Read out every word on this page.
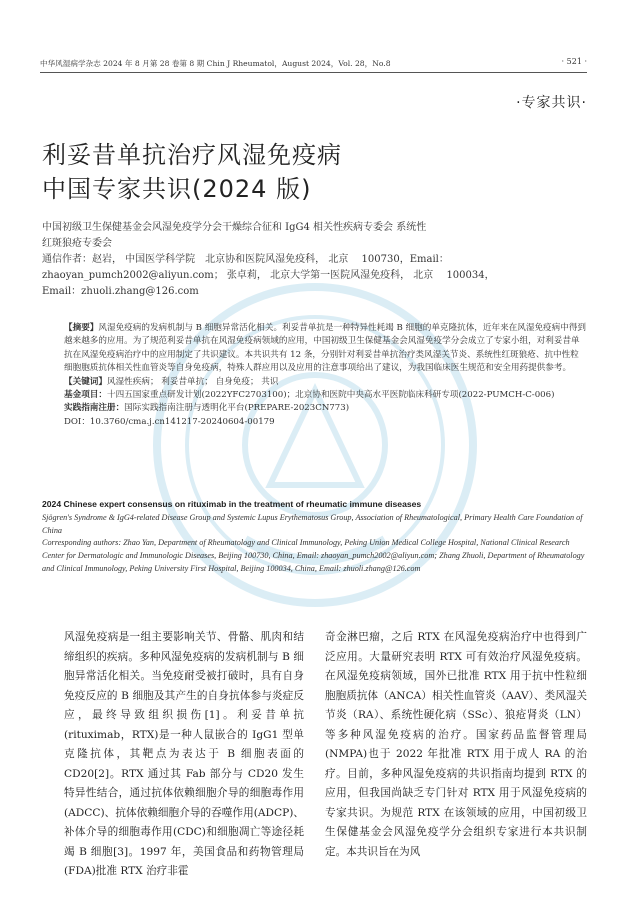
中华风湿病学杂志 2024 年 8 月第 28 卷第 8 期 Chin J Rheumatol，August 2024，Vol. 28，No.8	· 521 ·
·专家共识·
利妥昔单抗治疗风湿免疫病
中国专家共识(2024 版)

中国初级卫生保健基金会风湿免疫学分会干燥综合征和 IgG4 相关性疾病专委会 系统性

红斑狼疮专委会

通信作者：赵岩， 中国医学科学院　北京协和医院风湿免疫科， 北京　 100730，Email：

zhaoyan_pumch2002@aliyun.com； 张卓莉， 北京大学第一医院风湿免疫科， 北京　 100034，

Email：zhuoli.zhang@126.com

【摘要】风湿免疫病的发病机制与 B 细胞异常活化相关。利妥昔单抗是一种特异性耗竭 B 细胞的单克隆抗体，近年来在风湿免疫病中得到越来越多的应用。为了规范利妥昔单抗在风湿免疫病领域的应用，中国初级卫生保健基金会风湿免疫学分会成立了专家小组，对利妥昔单抗在风湿免疫病治疗中的应用制定了共识建议。本共识共有 12 条，分别针对利妥昔单抗治疗类风湿关节炎、系统性红斑狼疮、抗中性粒细胞胞质抗体相关性血管炎等自身免疫病，特殊人群应用以及应用的注意事项给出了建议，为我国临床医生规范和安全用药提供参考。

【关键词】风湿性疾病； 利妥昔单抗； 自身免疫； 共识

基金项目：十四五国家重点研发计划(2022YFC2703100)；北京协和医院中央高水平医院临床科研专项(2022-PUMCH-C-006)

实践指南注册：国际实践指南注册与透明化平台(PREPARE-2023CN773)

DOI：10.3760/cma.j.cn141217-20240604-00179

2024 Chinese expert consensus on rituximab in the treatment of rheumatic immune diseases

Sjögren's Syndrome & IgG4-related Disease Group and Systemic Lupus Erythematosus Group, Association of Rheumatological, Primary Health Care Foundation of China

Corresponding authors: Zhao Yan, Department of Rheumatology and Clinical Immunology, Peking Union Medical College Hospital, National Clinical Research Center for Dermatologic and Immunologic Diseases, Beijing 100730, China, Email: zhaoyan_pumch2002@aliyun.com; Zhang Zhuoli, Department of Rheumatology and Clinical Immunology, Peking University First Hospital, Beijing 100034, China, Email: zhuoli.zhang@126.com

风湿免疫病是一组主要影响关节、骨骼、肌肉和结缔组织的疾病。多种风湿免疫病的发病机制与 B 细胞异常活化相关。当免疫耐受被打破时，具有自身免疫反应的 B 细胞及其产生的自身抗体参与炎症反应，最终导致组织损伤[1]。利妥昔单抗(rituximab，RTX)是一种人鼠嵌合的 IgG1 型单克隆抗体，其靶点为表达于 B 细胞表面的 CD20[2]。RTX 通过其 Fab 部分与 CD20 发生特异性结合，通过抗体依赖细胞介导的细胞毒作用(ADCC)、抗体依赖细胞介导的吞噬作用(ADCP)、补体介导的细胞毒作用(CDC)和细胞凋亡等途径耗竭 B 细胞[3]。1997 年，美国食品和药物管理局(FDA)批准 RTX 治疗非霍

奇金淋巴瘤，之后 RTX 在风湿免疫病治疗中也得到广泛应用。大量研究表明 RTX 可有效治疗风湿免疫病。在风湿免疫病领域，国外已批准 RTX 用于抗中性粒细胞胞质抗体（ANCA）相关性血管炎（AAV）、类风湿关节炎（RA）、系统性硬化病（SSc）、狼疮肾炎（LN）等多种风湿免疫病的治疗。国家药品监督管理局(NMPA)也于 2022 年批准 RTX 用于成人 RA 的治疗。目前，多种风湿免疫病的共识指南均提到 RTX 的应用，但我国尚缺乏专门针对 RTX 用于风湿免疫病的专家共识。为规范 RTX 在该领域的应用，中国初级卫生保健基金会风湿免疫学分会组织专家进行本共识制定。本共识旨在为风
